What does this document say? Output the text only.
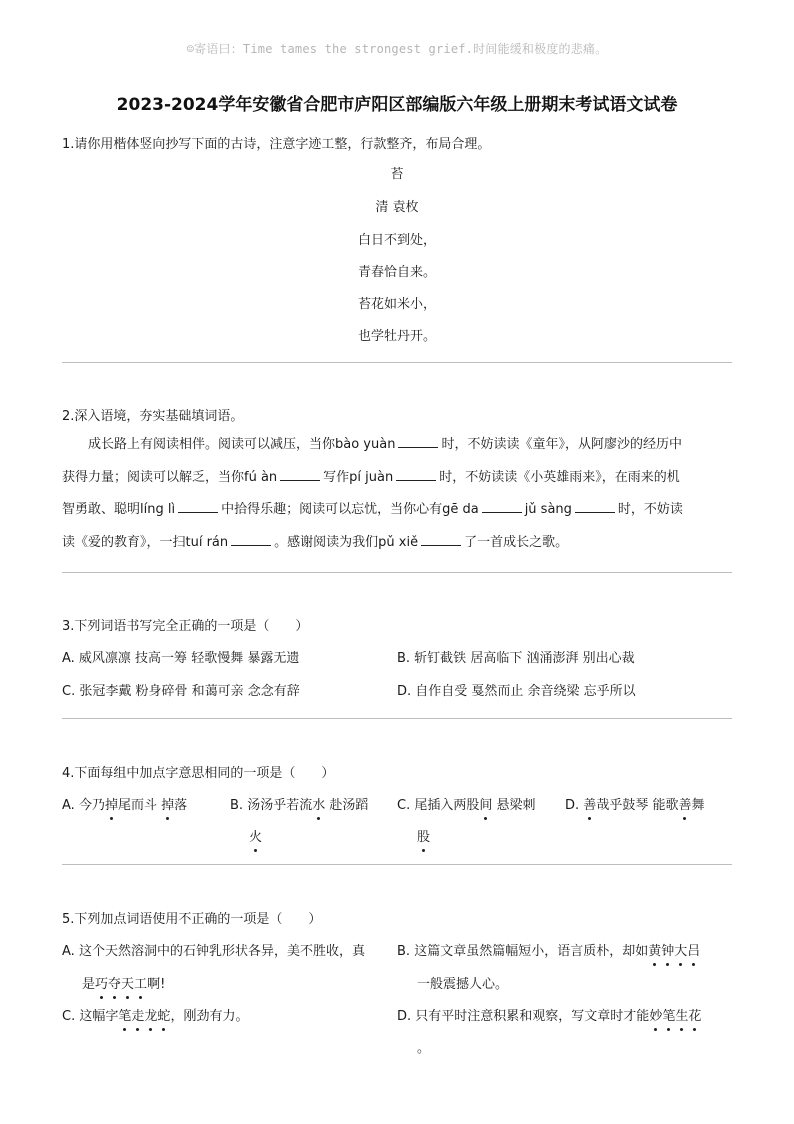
☺寄语曰：Time tames the strongest grief.时间能缓和极度的悲痛。
2023-2024学年安徽省合肥市庐阳区部编版六年级上册期末考试语文试卷
1.请你用楷体竖向抄写下面的古诗，注意字迹工整，行款整齐，布局合理。
苔
清 袁枚
白日不到处，
青春恰自来。
苔花如米小，
也学牡丹开。
2.深入语境，夯实基础填词语。
成长路上有阅读相伴。阅读可以减压，当你bào yuàn	时，不妨读读《童年》，从阿廖沙的经历中
获得力量；阅读可以解乏，当你fú àn	写作pí juàn	时，不妨读读《小英雄雨来》，在雨来的机
智勇敢、聪明líng lì	中拾得乐趣；阅读可以忘忧，当你心有gē da	jǔ sàng	时，不妨读
读《爱的教育》，一扫tuí rán	。感谢阅读为我们pǔ xiě	了一首成长之歌。
3.下列词语书写完全正确的一项是（　　）
A. 威风凛凛 技高一筹 轻歌慢舞 暴露无遗	B. 斩钉截铁 居高临下 汹涌澎湃 别出心裁
C. 张冠李戴 粉身碎骨 和蔼可亲 念念有辞	D. 自作自受 戛然而止 余音绕梁 忘乎所以
4.下面每组中加点字意思相同的一项是（　　）
A. 今乃掉尾而斗 掉落	B. 汤汤乎若流水 赴汤蹈
火
C. 尾插入两股间 悬梁刺
股
D. 善哉乎鼓琴 能歌善舞
5.下列加点词语使用不正确的一项是（　　）
A. 这个天然溶洞中的石钟乳形状各异，美不胜收，真
是巧夺天工啊!
B. 这篇文章虽然篇幅短小，语言质朴，却如黄钟大吕
一般震撼人心。
C. 这幅字笔走龙蛇，刚劲有力。	D. 只有平时注意积累和观察，写文章时才能妙笔生花
。
